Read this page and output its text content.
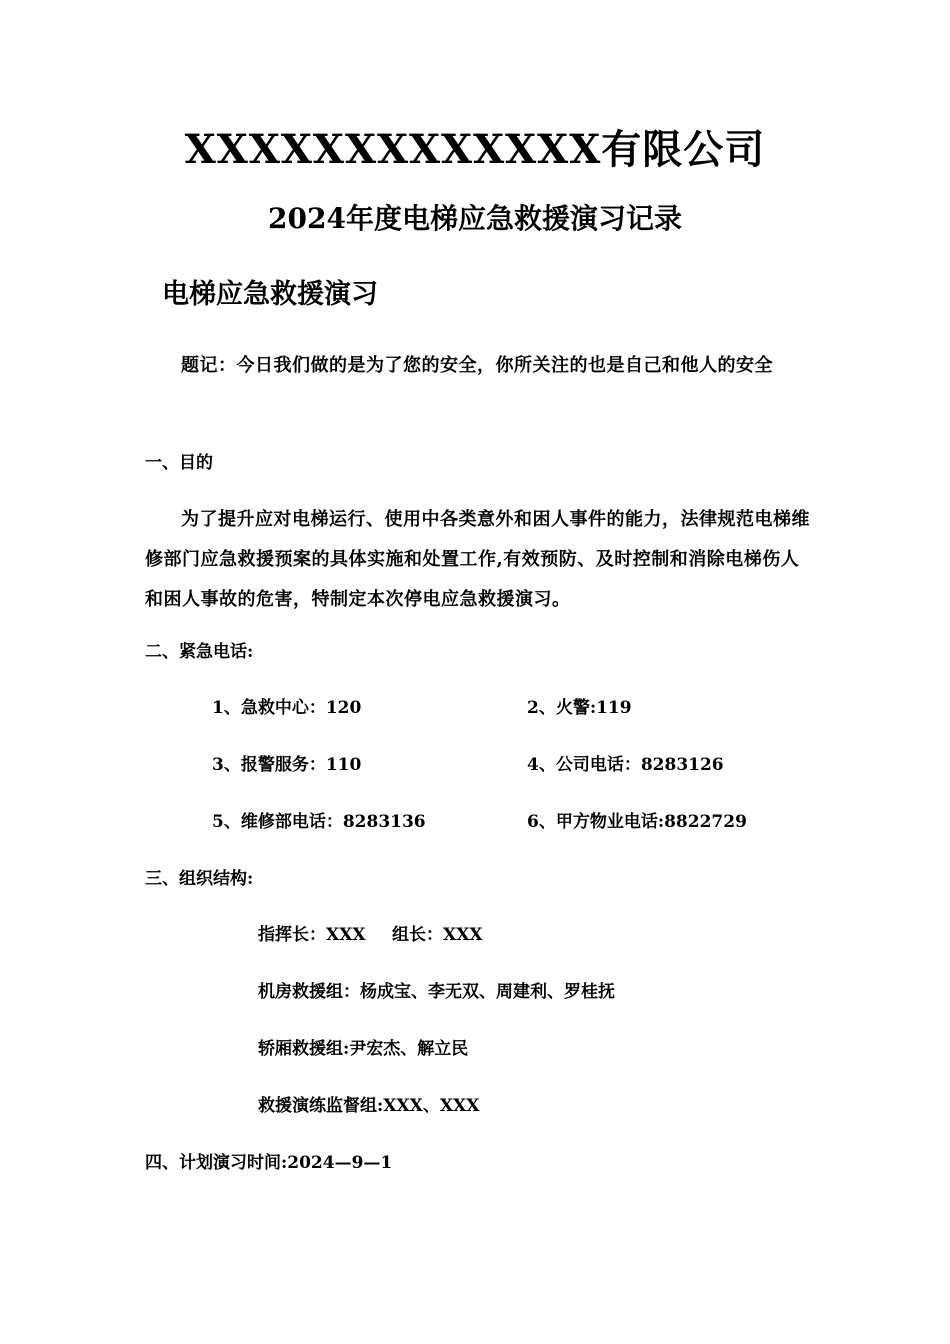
XXXXXXXXXXXXX有限公司
2024年度电梯应急救援演习记录
电梯应急救援演习
题记：今日我们做的是为了您的安全，你所关注的也是自己和他人的安全
一、目的
为了提升应对电梯运行、使用中各类意外和困人事件的能力，法律规范电梯维修部门应急救援预案的具体实施和处置工作,有效预防、及时控制和消除电梯伤人和困人事故的危害，特制定本次停电应急救援演习。
二、紧急电话:
1、急救中心：120	2、火警:119
3、报警服务：110	4、公司电话：8283126
5、维修部电话：8283136	6、甲方物业电话:8822729
三、组织结构:
指挥长：XXX 组长：XXX
机房救援组：杨成宝、李无双、周建利、罗桂抚
轿厢救援组:尹宏杰、解立民
救援演练监督组:XXX、XXX
四、计划演习时间:2024—9—1
